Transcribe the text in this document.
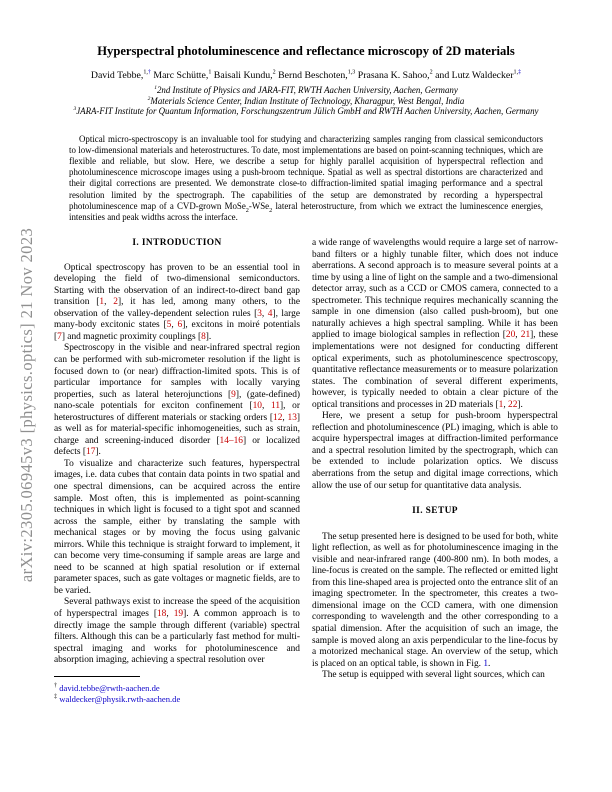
arXiv:2305.06945v3 [physics.optics] 21 Nov 2023
Hyperspectral photoluminescence and reflectance microscopy of 2D materials
David Tebbe,$^{1,\dagger}$ Marc Schütte,$^1$ Baisali Kundu,$^2$ Bernd Beschoten,$^{1,3}$ Prasana K. Sahoo,$^2$ and Lutz Waldecker$^{1,\ddagger}$
$^1$2nd Institute of Physics and JARA-FIT, RWTH Aachen University, Aachen, Germany
$^2$Materials Science Center, Indian Institute of Technology, Kharagpur, West Bengal, India
$^3$JARA-FIT Institute for Quantum Information, Forschungszentrum Jülich GmbH and RWTH Aachen University, Aachen, Germany
Optical micro-spectroscopy is an invaluable tool for studying and characterizing samples ranging from classical semiconductors to low-dimensional materials and heterostructures. To date, most implementations are based on point-scanning techniques, which are flexible and reliable, but slow. Here, we describe a setup for highly parallel acquisition of hyperspectral reflection and photoluminescence microscope images using a push-broom technique. Spatial as well as spectral distortions are characterized and their digital corrections are presented. We demonstrate close-to diffraction-limited spatial imaging performance and a spectral resolution limited by the spectrograph. The capabilities of the setup are demonstrated by recording a hyperspectral photoluminescence map of a CVD-grown MoSe$_2$-WSe$_2$ lateral heterostructure, from which we extract the luminescence energies, intensities and peak widths across the interface.
I. INTRODUCTION

Optical spectroscopy has proven to be an essential tool in developing the field of two-dimensional semiconductors. Starting with the observation of an indirect-to-direct band gap transition [1, 2], it has led, among many others, to the observation of the valley-dependent selection rules [3, 4], large many-body excitonic states [5, 6], excitons in moiré potentials [7] and magnetic proximity couplings [8].

Spectroscopy in the visible and near-infrared spectral region can be performed with sub-micrometer resolution if the light is focused down to (or near) diffraction-limited spots. This is of particular importance for samples with locally varying properties, such as lateral heterojunctions [9], (gate-defined) nano-scale potentials for exciton confinement [10, 11], or heterostructures of different materials or stacking orders [12, 13] as well as for material-specific inhomogeneities, such as strain, charge and screening-induced disorder [14–16] or localized defects [17].

To visualize and characterize such features, hyperspectral images, i.e. data cubes that contain data points in two spatial and one spectral dimensions, can be acquired across the entire sample. Most often, this is implemented as point-scanning techniques in which light is focused to a tight spot and scanned across the sample, either by translating the sample with mechanical stages or by moving the focus using galvanic mirrors. While this technique is straight forward to implement, it can become very time-consuming if sample areas are large and need to be scanned at high spatial resolution or if external parameter spaces, such as gate voltages or magnetic fields, are to be varied.

Several pathways exist to increase the speed of the acquisition of hyperspectral images [18, 19]. A common approach is to directly image the sample through different (variable) spectral filters. Although this can be a particularly fast method for multi-spectral imaging and works for photoluminescence and absorption imaging, achieving a spectral resolution over

† david.tebbe@rwth-aachen.de
‡ waldecker@physik.rwth-aachen.de

a wide range of wavelengths would require a large set of narrow-band filters or a highly tunable filter, which does not induce aberrations. A second approach is to measure several points at a time by using a line of light on the sample and a two-dimensional detector array, such as a CCD or CMOS camera, connected to a spectrometer. This technique requires mechanically scanning the sample in one dimension (also called push-broom), but one naturally achieves a high spectral sampling. While it has been applied to image biological samples in reflection [20, 21], these implementations were not designed for conducting different optical experiments, such as photoluminescence spectroscopy, quantitative reflectance measurements or to measure polarization states. The combination of several different experiments, however, is typically needed to obtain a clear picture of the optical transitions and processes in 2D materials [1, 22].

Here, we present a setup for push-broom hyperspectral reflection and photoluminescence (PL) imaging, which is able to acquire hyperspectral images at diffraction-limited performance and a spectral resolution limited by the spectrograph, which can be extended to include polarization optics. We discuss aberrations from the setup and digital image corrections, which allow the use of our setup for quantitative data analysis.

II. SETUP

The setup presented here is designed to be used for both, white light reflection, as well as for photoluminescence imaging in the visible and near-infrared range (400-800 nm). In both modes, a line-focus is created on the sample. The reflected or emitted light from this line-shaped area is projected onto the entrance slit of an imaging spectrometer. In the spectrometer, this creates a two-dimensional image on the CCD camera, with one dimension corresponding to wavelength and the other corresponding to a spatial dimension. After the acquisition of such an image, the sample is moved along an axis perpendicular to the line-focus by a motorized mechanical stage. An overview of the setup, which is placed on an optical table, is shown in Fig. 1.

The setup is equipped with several light sources, which can
